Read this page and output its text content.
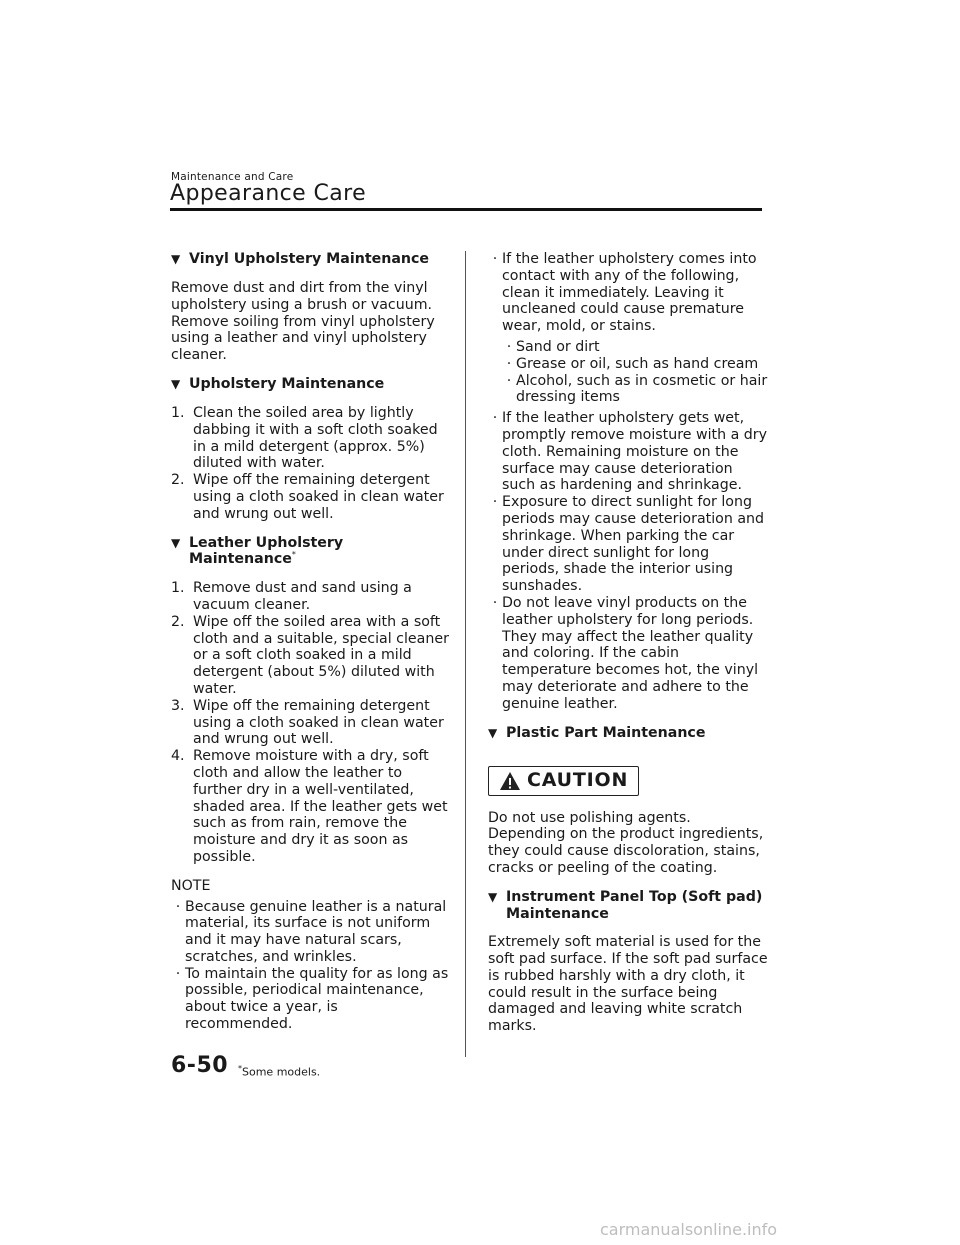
Maintenance and Care
Appearance Care
▼ Vinyl Upholstery Maintenance

Remove dust and dirt from the vinyl upholstery using a brush or vacuum. Remove soiling from vinyl upholstery using a leather and vinyl upholstery cleaner.

▼ Upholstery Maintenance
1. Clean the soiled area by lightly dabbing it with a soft cloth soaked in a mild detergent (approx. 5%) diluted with water.
2. Wipe off the remaining detergent using a cloth soaked in clean water and wrung out well.
▼ Leather Upholstery Maintenance*
1. Remove dust and sand using a vacuum cleaner.
2. Wipe off the soiled area with a soft cloth and a suitable, special cleaner or a soft cloth soaked in a mild detergent (about 5%) diluted with water.
3. Wipe off the remaining detergent using a cloth soaked in clean water and wrung out well.
4. Remove moisture with a dry, soft cloth and allow the leather to further dry in a well-ventilated, shaded area. If the leather gets wet such as from rain, remove the moisture and dry it as soon as possible.
NOTE
· Because genuine leather is a natural material, its surface is not uniform and it may have natural scars, scratches, and wrinkles.
· To maintain the quality for as long as possible, periodical maintenance, about twice a year, is recommended.
· If the leather upholstery comes into contact with any of the following, clean it immediately. Leaving it uncleaned could cause premature wear, mold, or stains.
· Sand or dirt
· Grease or oil, such as hand cream
· Alcohol, such as in cosmetic or hair dressing items
· If the leather upholstery gets wet, promptly remove moisture with a dry cloth. Remaining moisture on the surface may cause deterioration such as hardening and shrinkage.
· Exposure to direct sunlight for long periods may cause deterioration and shrinkage. When parking the car under direct sunlight for long periods, shade the interior using sunshades.
· Do not leave vinyl products on the leather upholstery for long periods. They may affect the leather quality and coloring. If the cabin temperature becomes hot, the vinyl may deteriorate and adhere to the genuine leather.
▼ Plastic Part Maintenance
CAUTION

Do not use polishing agents. Depending on the product ingredients, they could cause discoloration, stains, cracks or peeling of the coating.

▼ Instrument Panel Top (Soft pad) Maintenance

Extremely soft material is used for the soft pad surface. If the soft pad surface is rubbed harshly with a dry cloth, it could result in the surface being damaged and leaving white scratch marks.

6-50 *Some models.
carmanualsonline.info
